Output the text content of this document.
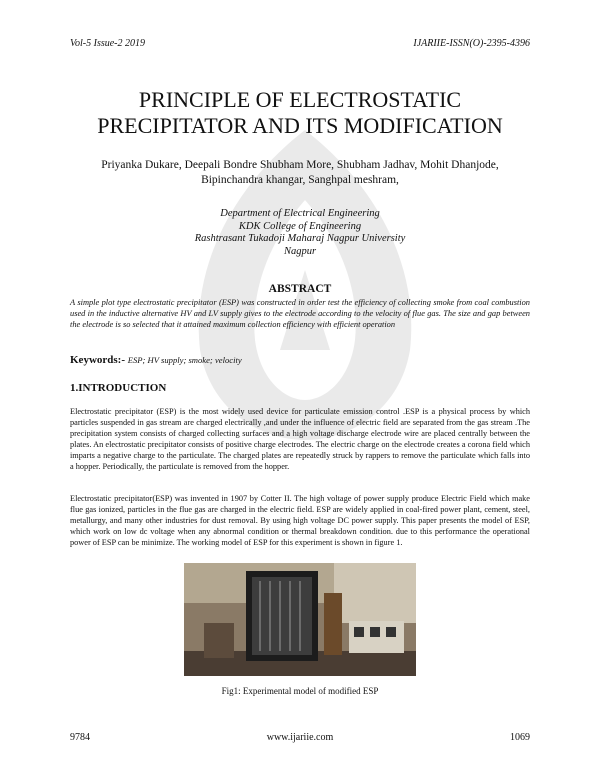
Vol-5 Issue-2 2019	IJARIIE-ISSN(O)-2395-4396
PRINCIPLE OF ELECTROSTATIC
PRECIPITATOR AND ITS MODIFICATION
Priyanka Dukare, Deepali Bondre Shubham More, Shubham Jadhav, Mohit Dhanjode,
Bipinchandra khangar, Sanghpal meshram,
Department of Electrical Engineering
KDK College of Engineering
Rashtrasant Tukadoji Maharaj Nagpur University
Nagpur
ABSTRACT
A simple plot type electrostatic precipitator (ESP) was constructed in order test the efficiency of collecting smoke from coal combustion used in the inductive alternative HV and LV supply gives to the electrode according to the velocity of flue gas. The size and gap between the electrode is so selected that it attained maximum collection efficiency with efficient operation
Keywords:- ESP; HV supply; smoke; velocity
1.INTRODUCTION
Electrostatic precipitator (ESP) is the most widely used device for particulate emission control .ESP is a physical process by which particles suspended in gas stream are charged electrically ,and under the influence of electric field are separated from the gas stream .The precipitation system consists of charged collecting surfaces and a high voltage discharge electrode wire are placed centrally between the plates. An electrostatic precipitator consists of positive charge electrodes. The electric charge on the electrode creates a corona field which imparts a negative charge to the particulate. The charged plates are repeatedly struck by rappers to remove the particulate which falls into a hopper. Periodically, the particulate is removed from the hopper.
Electrostatic precipitator(ESP) was invented in 1907 by Cotter II. The high voltage of power supply produce Electric Field which make flue gas ionized, particles in the flue gas are charged in the electric field. ESP are widely applied in coal-fired power plant, cement, steel, metallurgy, and many other industries for dust removal. By using high voltage DC power supply. This paper presents the model of ESP, which work on low dc voltage when any abnormal condition or thermal breakdown condition. due to this performance the operational power of ESP can be minimize. The working model of ESP for this experiment is shown in figure 1.
Fig1: Experimental model of modified ESP
9784	www.ijariie.com	1069
